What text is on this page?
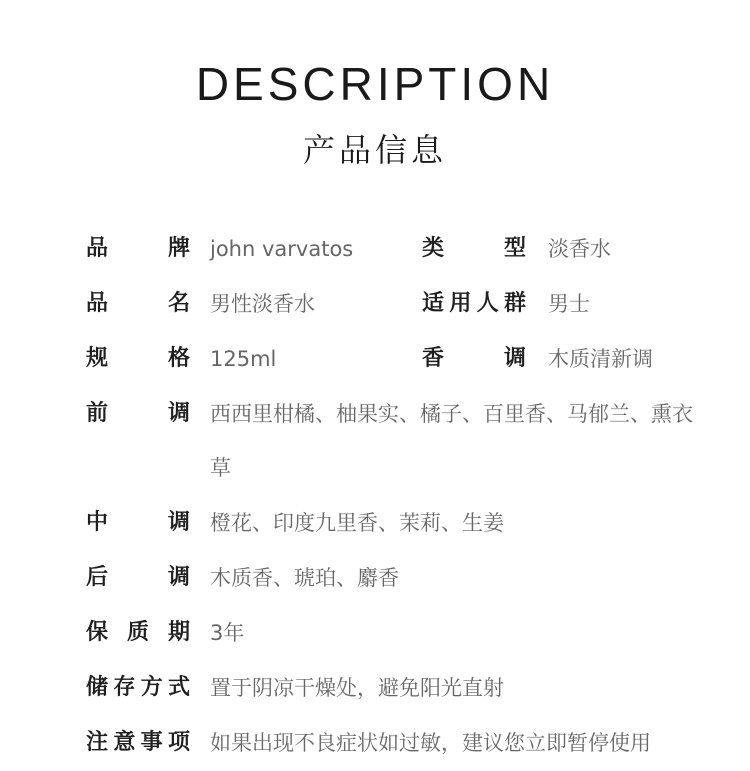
DESCRIPTION
产品信息
品牌 john varvatos	类型 淡香水
品名 男性淡香水	适用人群 男士
规格 125ml	香调 木质清新调
前调 西西里柑橘、柚果实、橘子、百里香、马郁兰、熏衣草
中调 橙花、印度九里香、茉莉、生姜
后调 木质香、琥珀、麝香
保质期 3年
储存方式 置于阴凉干燥处，避免阳光直射
注意事项 如果出现不良症状如过敏，建议您立即暂停使用
